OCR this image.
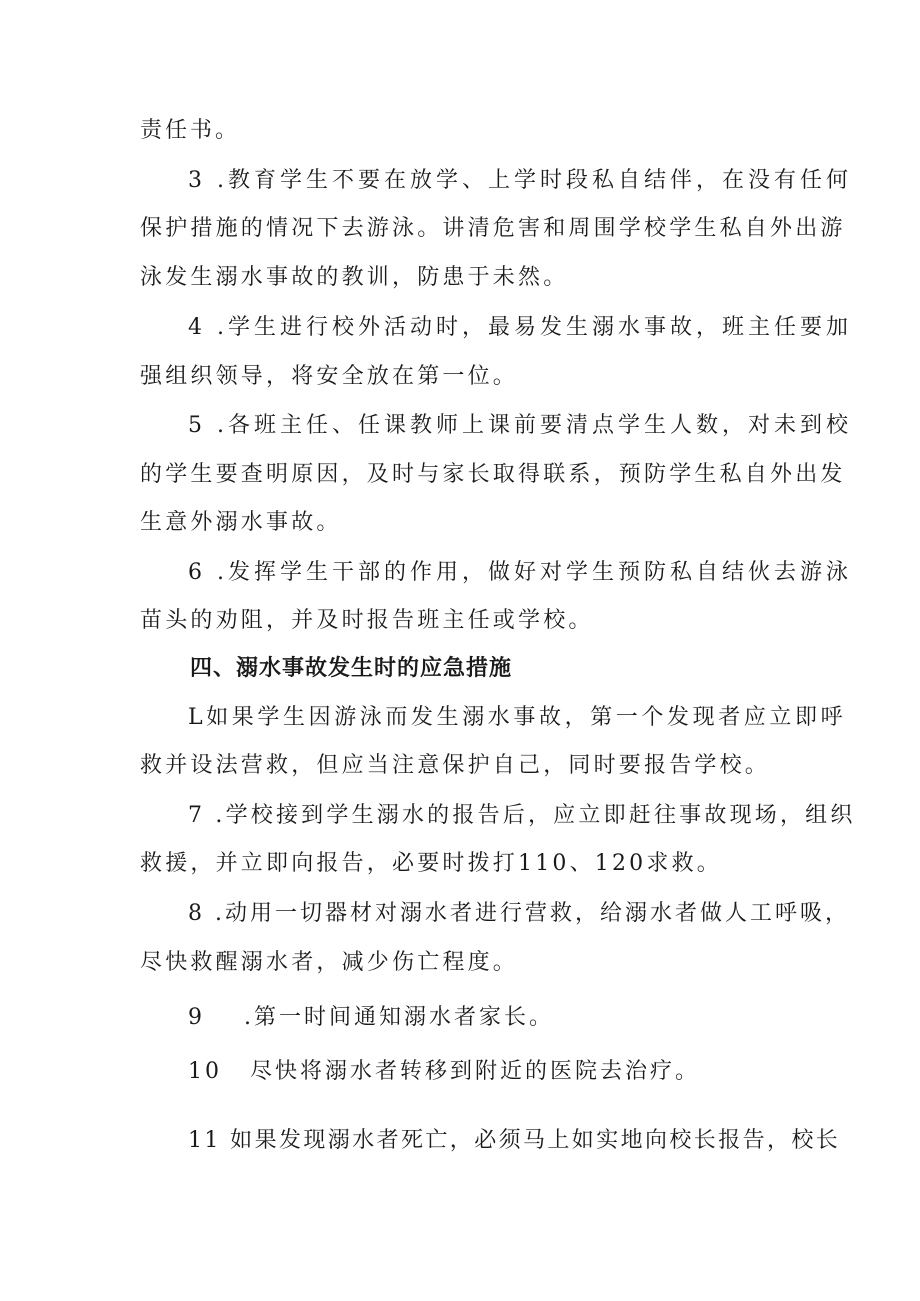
责任书。
3 .教育学生不要在放学、上学时段私自结伴，在没有任何
保护措施的情况下去游泳。讲清危害和周围学校学生私自外出游
泳发生溺水事故的教训，防患于未然。
4 .学生进行校外活动时，最易发生溺水事故，班主任要加
强组织领导，将安全放在第一位。
5 .各班主任、任课教师上课前要清点学生人数，对未到校
的学生要查明原因，及时与家长取得联系，预防学生私自外出发
生意外溺水事故。
6 .发挥学生干部的作用，做好对学生预防私自结伙去游泳
苗头的劝阻，并及时报告班主任或学校。
四、溺水事故发生时的应急措施
L如果学生因游泳而发生溺水事故，第一个发现者应立即呼
救并设法营救，但应当注意保护自己，同时要报告学校。
7 .学校接到学生溺水的报告后，应立即赶往事故现场，组织
救援，并立即向报告，必要时拨打110、120求救。
8 .动用一切器材对溺水者进行营救，给溺水者做人工呼吸，
尽快救醒溺水者，减少伤亡程度。
9 .第一时间通知溺水者家长。
10 尽快将溺水者转移到附近的医院去治疗。
11 如果发现溺水者死亡，必须马上如实地向校长报告，校长
